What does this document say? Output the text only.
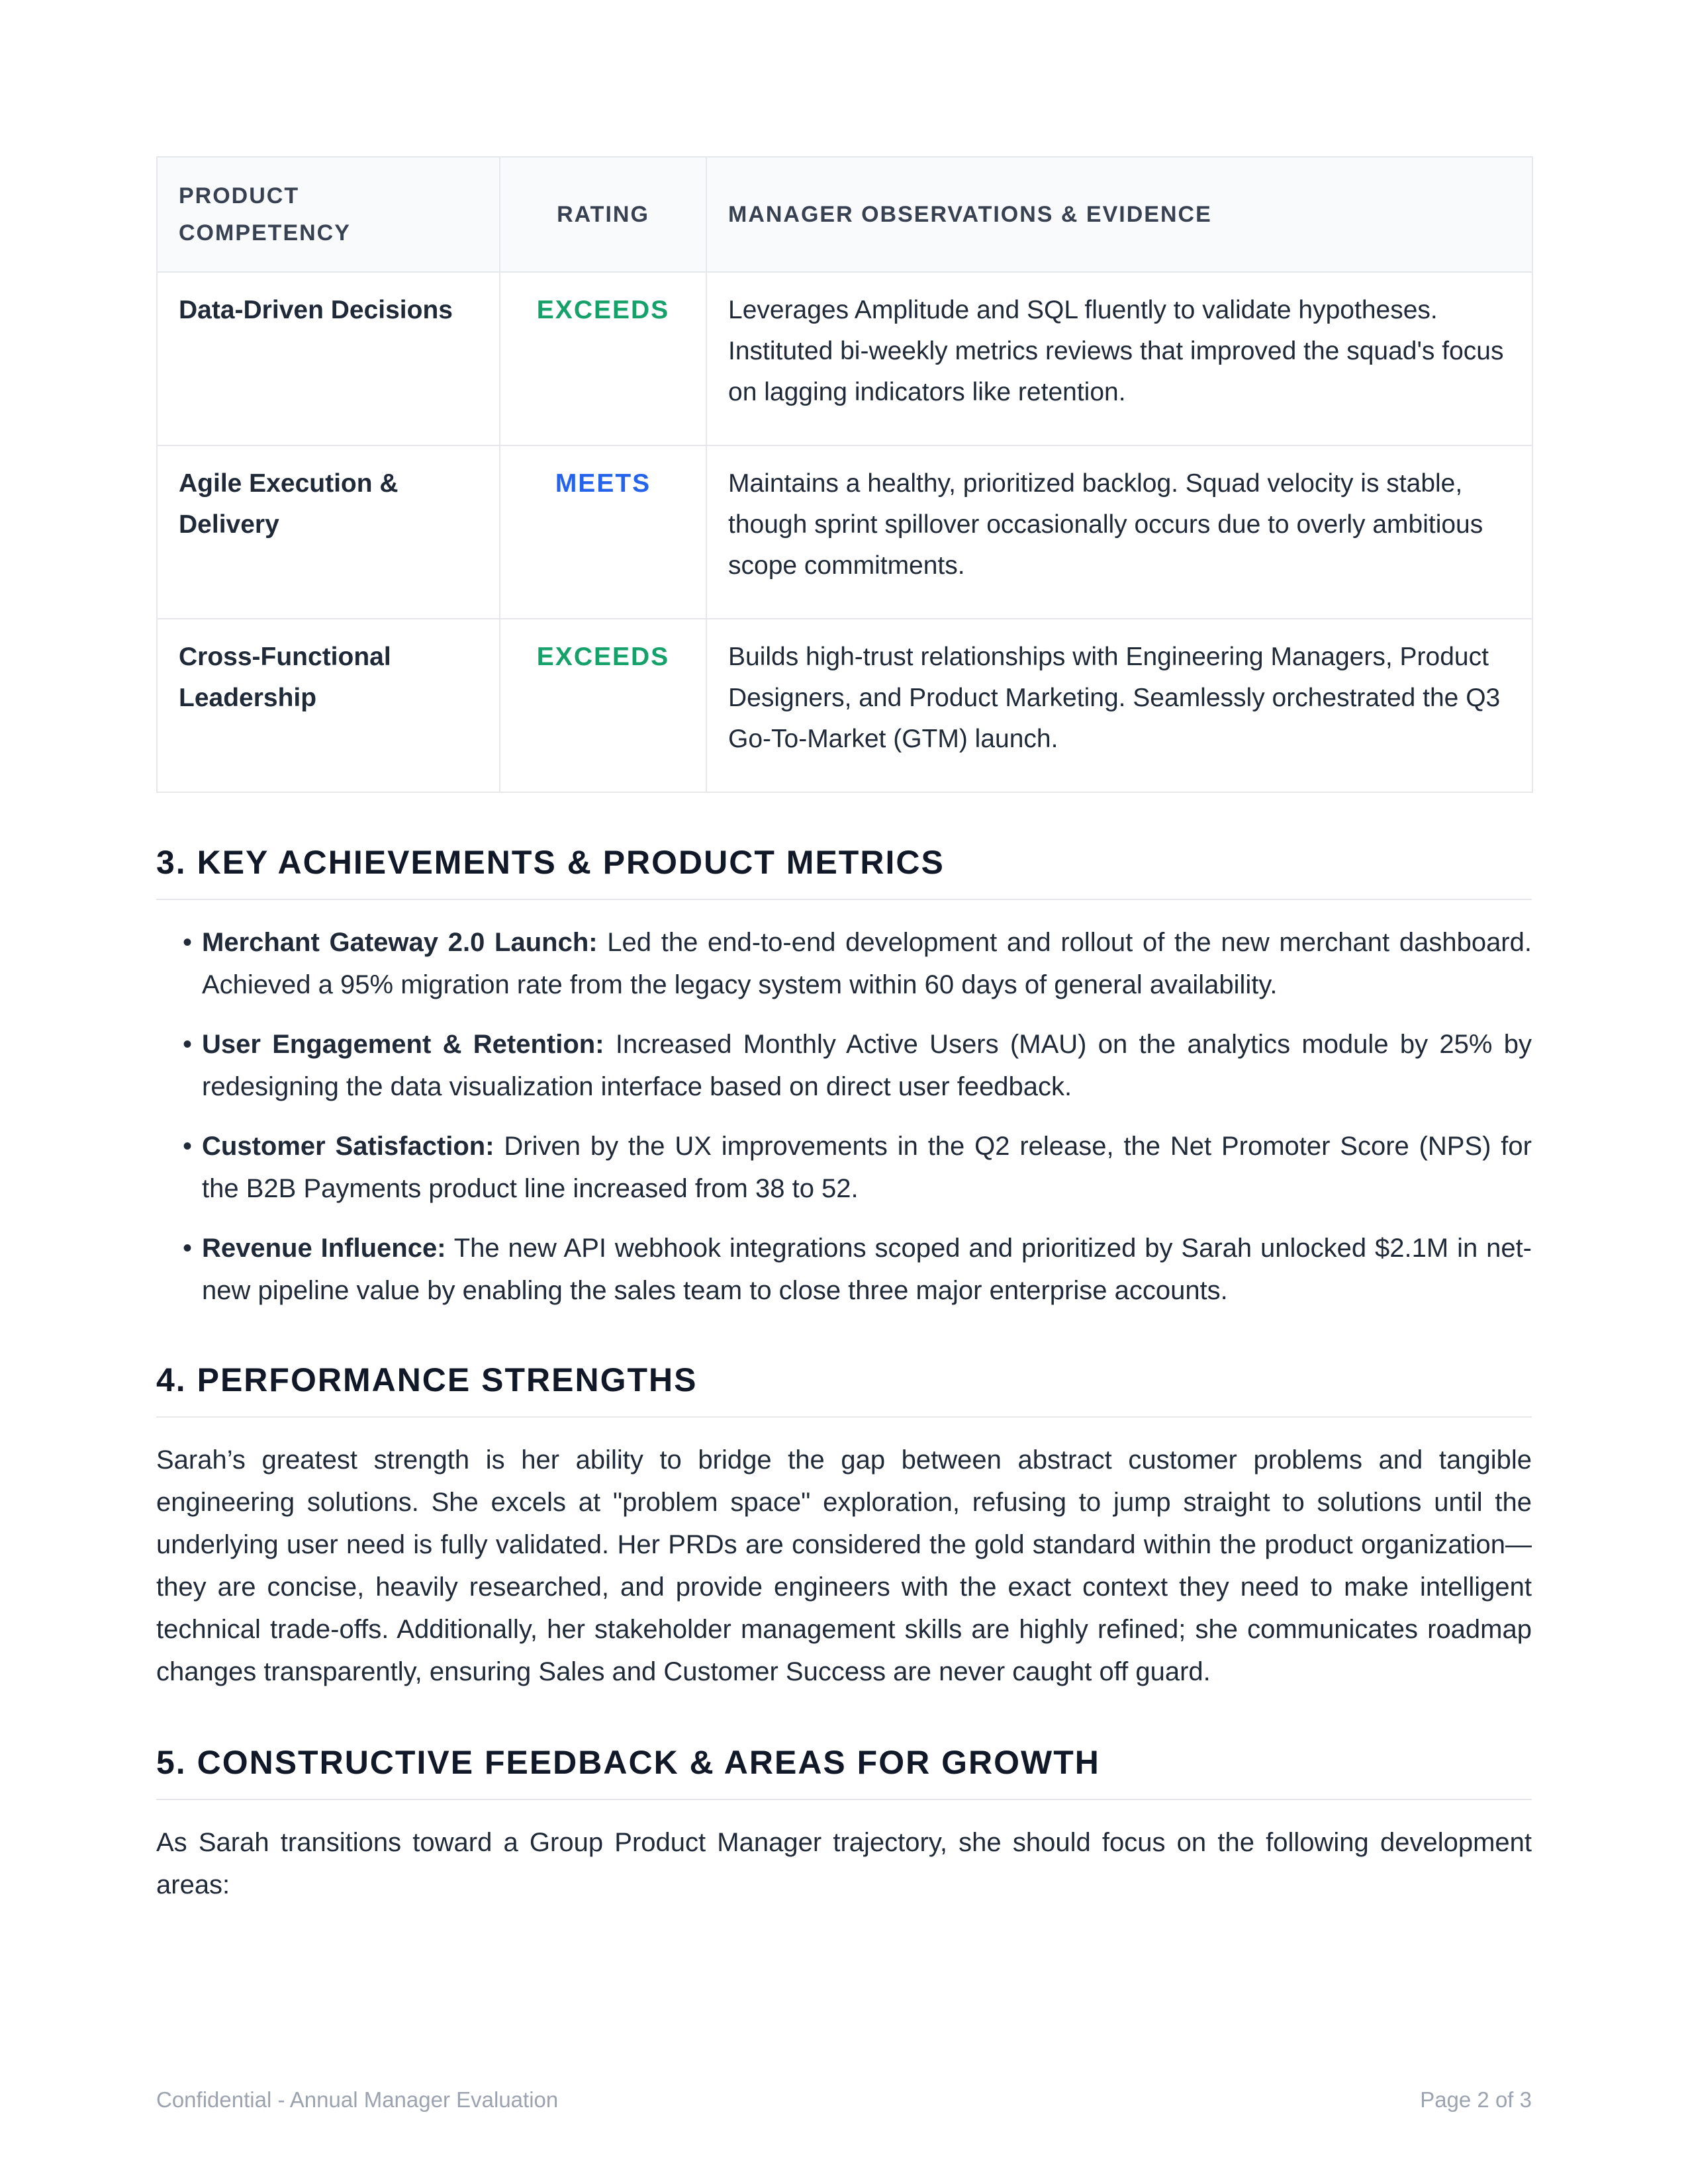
PRODUCT COMPETENCY	RATING	MANAGER OBSERVATIONS & EVIDENCE
Data-Driven Decisions	EXCEEDS	Leverages Amplitude and SQL fluently to validate hypotheses. Instituted bi-weekly metrics reviews that improved the squad's focus on lagging indicators like retention.
Agile Execution & Delivery	MEETS	Maintains a healthy, prioritized backlog. Squad velocity is stable, though sprint spillover occasionally occurs due to overly ambitious scope commitments.
Cross-Functional Leadership	EXCEEDS	Builds high-trust relationships with Engineering Managers, Product Designers, and Product Marketing. Seamlessly orchestrated the Q3 Go-To-Market (GTM) launch.
3. KEY ACHIEVEMENTS & PRODUCT METRICS
• Merchant Gateway 2.0 Launch: Led the end-to-end development and rollout of the new merchant dashboard. Achieved a 95% migration rate from the legacy system within 60 days of general availability.
• User Engagement & Retention: Increased Monthly Active Users (MAU) on the analytics module by 25% by redesigning the data visualization interface based on direct user feedback.
• Customer Satisfaction: Driven by the UX improvements in the Q2 release, the Net Promoter Score (NPS) for the B2B Payments product line increased from 38 to 52.
• Revenue Influence: The new API webhook integrations scoped and prioritized by Sarah unlocked $2.1M in net-new pipeline value by enabling the sales team to close three major enterprise accounts.
4. PERFORMANCE STRENGTHS

Sarah’s greatest strength is her ability to bridge the gap between abstract customer problems and tangible engineering solutions. She excels at "problem space" exploration, refusing to jump straight to solutions until the underlying user need is fully validated. Her PRDs are considered the gold standard within the product organization—they are concise, heavily researched, and provide engineers with the exact context they need to make intelligent technical trade-offs. Additionally, her stakeholder management skills are highly refined; she communicates roadmap changes transparently, ensuring Sales and Customer Success are never caught off guard.

5. CONSTRUCTIVE FEEDBACK & AREAS FOR GROWTH

As Sarah transitions toward a Group Product Manager trajectory, she should focus on the following development areas:

Confidential - Annual Manager Evaluation	Page 2 of 3
